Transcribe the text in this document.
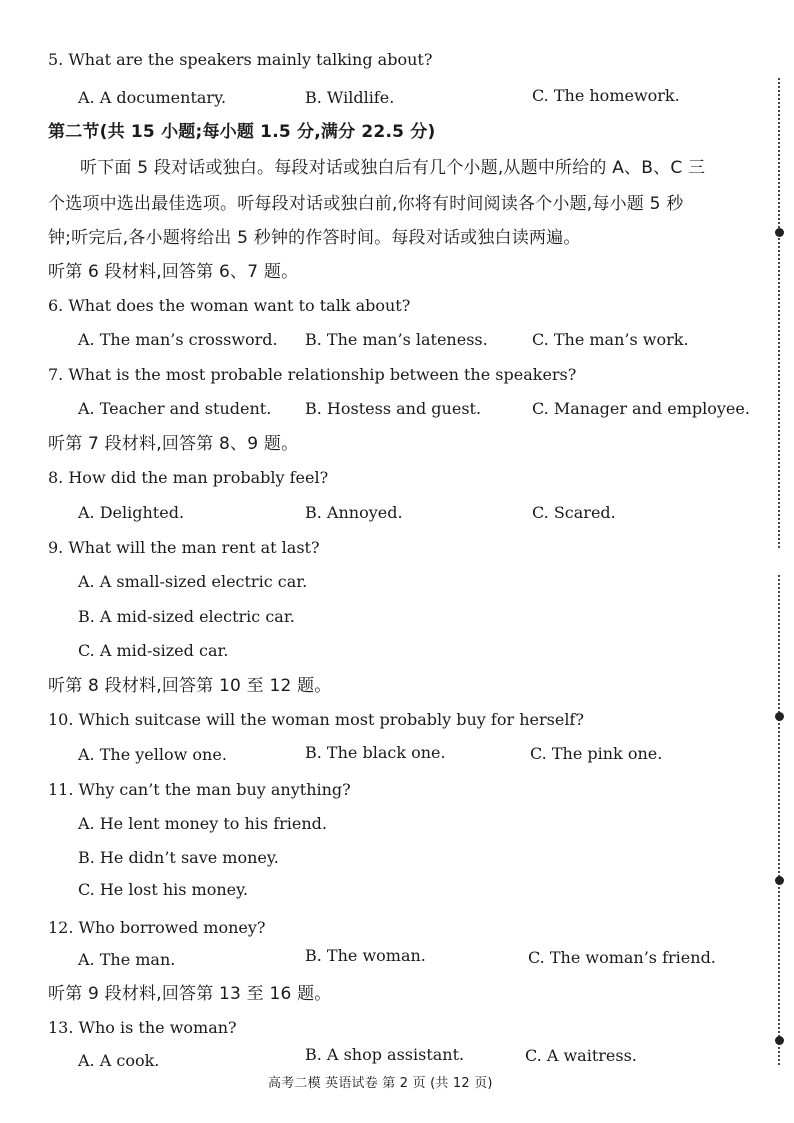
5. What are the speakers mainly talking about?
A. A documentary.	B. Wildlife.	C. The homework.
第二节(共 15 小题;每小题 1.5 分,满分 22.5 分)
听下面 5 段对话或独白。每段对话或独白后有几个小题,从题中所给的 A、B、C 三
个选项中选出最佳选项。听每段对话或独白前,你将有时间阅读各个小题,每小题 5 秒
钟;听完后,各小题将给出 5 秒钟的作答时间。每段对话或独白读两遍。
听第 6 段材料,回答第 6、7 题。
6. What does the woman want to talk about?
A. The man’s crossword. B. The man’s lateness.	C. The man’s work.
7. What is the most probable relationship between the speakers?
A. Teacher and student. B. Hostess and guest.	C. Manager and employee.
听第 7 段材料,回答第 8、9 题。
8. How did the man probably feel?
A. Delighted.	B. Annoyed.	C. Scared.
9. What will the man rent at last?
A. A small-sized electric car.
B. A mid-sized electric car.
C. A mid-sized car.
听第 8 段材料,回答第 10 至 12 题。
10. Which suitcase will the woman most probably buy for herself?
A. The yellow one.	B. The black one.	C. The pink one.
11. Why can’t the man buy anything?
A. He lent money to his friend.
B. He didn’t save money.
C. He lost his money.
12. Who borrowed money?
A. The man.	B. The woman.	C. The woman’s friend.
听第 9 段材料,回答第 13 至 16 题。
13. Who is the woman?
A. A cook.	B. A shop assistant.	C. A waitress.
高考二模 英语试卷 第 2 页 (共 12 页)
